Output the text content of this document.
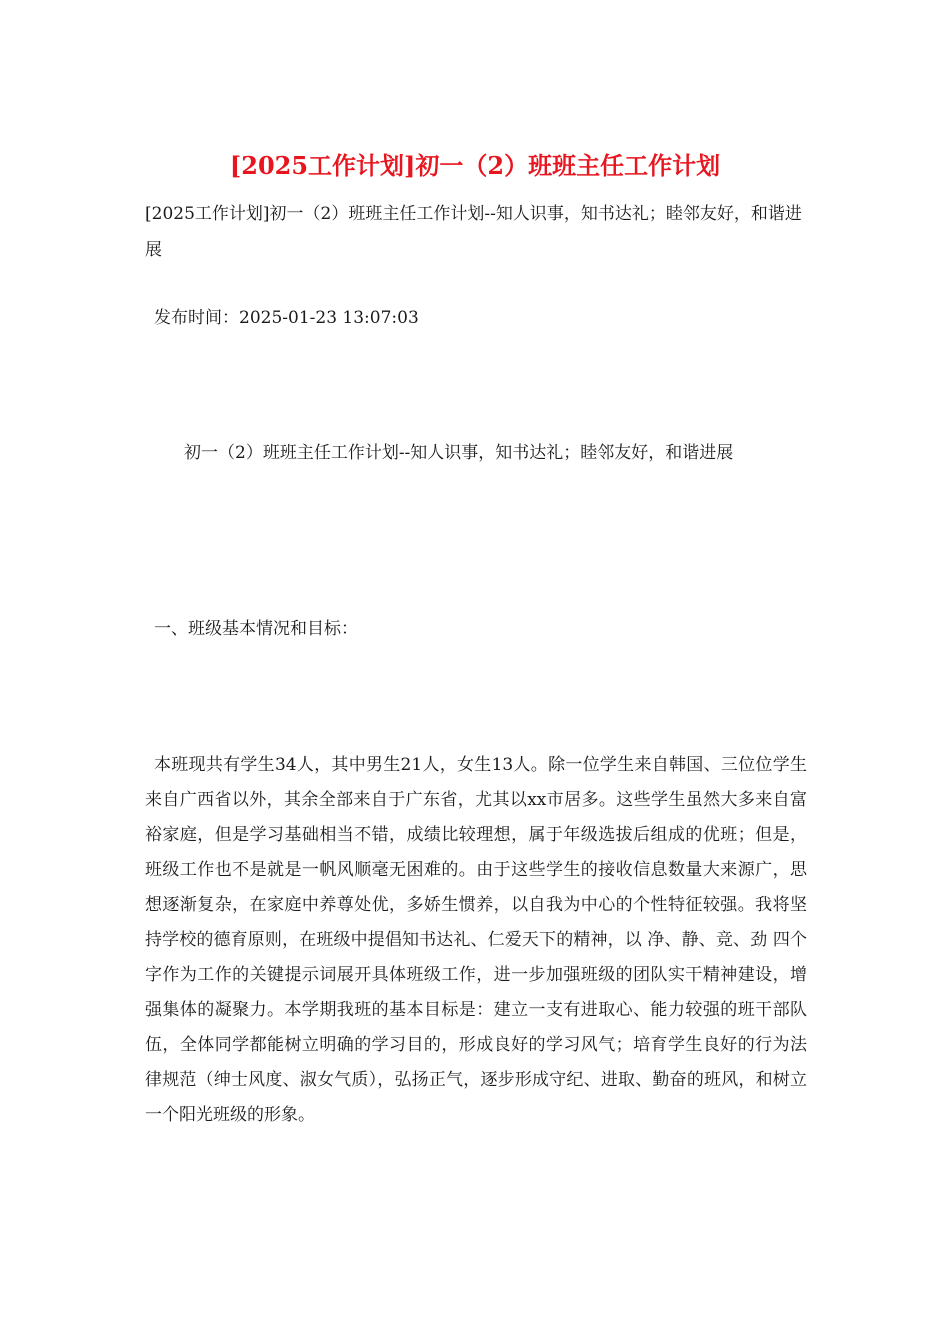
[2025工作计划]初一（2）班班主任工作计划
[2025工作计划]初一（2）班班主任工作计划--知人识事，知书达礼；睦邻友好，和谐进展
发布时间：2025-01-23 13:07:03
初一（2）班班主任工作计划--知人识事，知书达礼；睦邻友好，和谐进展
一、班级基本情况和目标：
本班现共有学生34人，其中男生21人，女生13人。除一位学生来自韩国、三位位学生来自广西省以外，其余全部来自于广东省，尤其以xx市居多。这些学生虽然大多来自富裕家庭，但是学习基础相当不错，成绩比较理想，属于年级选拔后组成的优班；但是，班级工作也不是就是一帆风顺毫无困难的。由于这些学生的接收信息数量大来源广，思想逐渐复杂，在家庭中养尊处优，多娇生惯养，以自我为中心的个性特征较强。我将坚持学校的德育原则，在班级中提倡知书达礼、仁爱天下的精神，以 净、静、竞、劲 四个字作为工作的关键提示词展开具体班级工作，进一步加强班级的团队实干精神建设，增强集体的凝聚力。本学期我班的基本目标是：建立一支有进取心、能力较强的班干部队伍，全体同学都能树立明确的学习目的，形成良好的学习风气；培育学生良好的行为法律规范（绅士风度、淑女气质），弘扬正气，逐步形成守纪、进取、勤奋的班风，和树立一个阳光班级的形象。
